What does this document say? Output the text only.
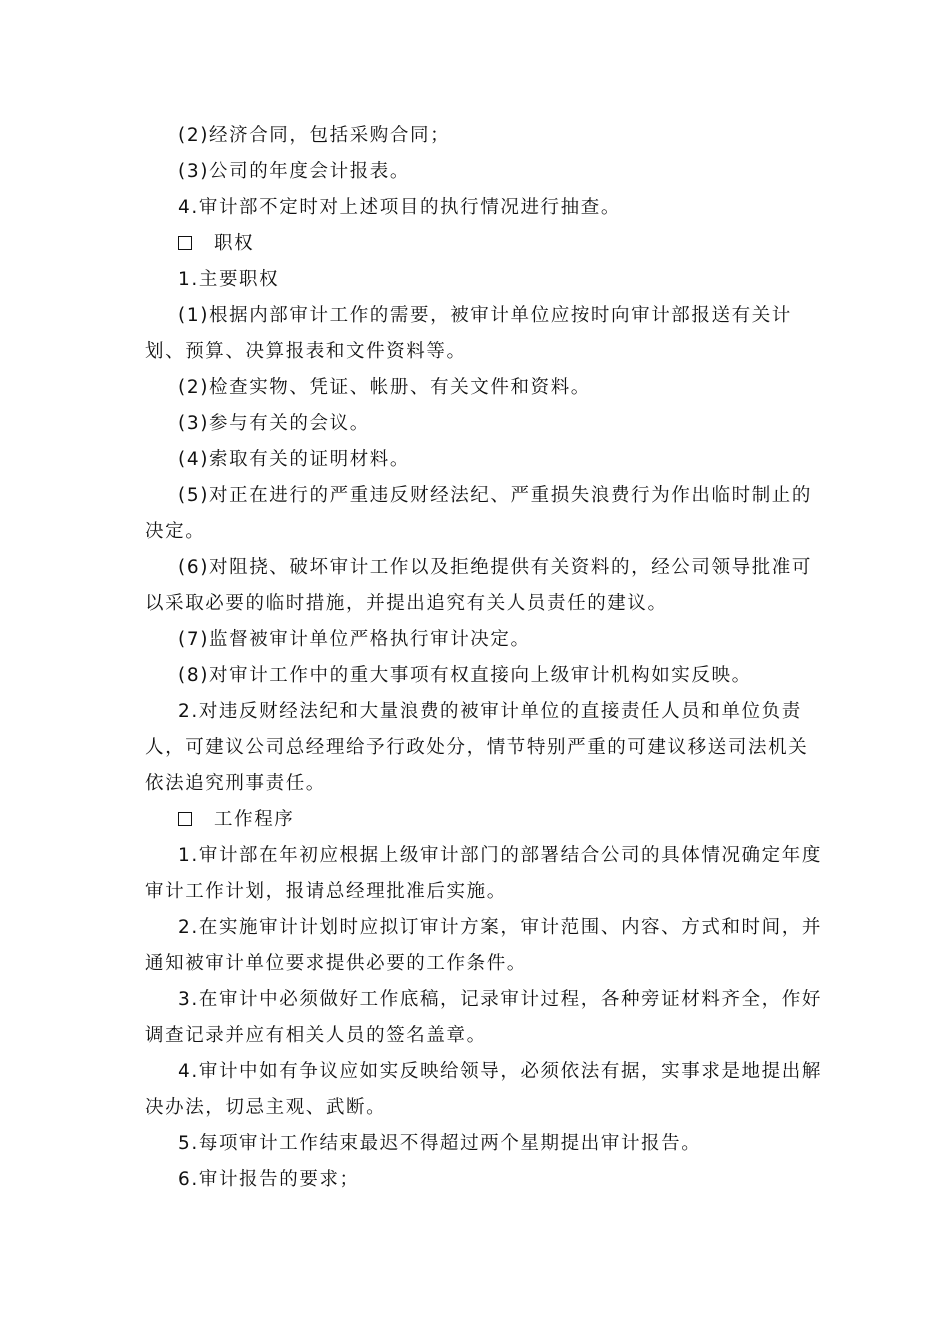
(2)经济合同，包括采购合同；

(3)公司的年度会计报表。

4.审计部不定时对上述项目的执行情况进行抽查。

职权

1.主要职权

(1)根据内部审计工作的需要，被审计单位应按时向审计部报送有关计划、预算、决算报表和文件资料等。

(2)检查实物、凭证、帐册、有关文件和资料。

(3)参与有关的会议。

(4)索取有关的证明材料。

(5)对正在进行的严重违反财经法纪、严重损失浪费行为作出临时制止的决定。

(6)对阻挠、破坏审计工作以及拒绝提供有关资料的，经公司领导批准可以采取必要的临时措施，并提出追究有关人员责任的建议。

(7)监督被审计单位严格执行审计决定。

(8)对审计工作中的重大事项有权直接向上级审计机构如实反映。

2.对违反财经法纪和大量浪费的被审计单位的直接责任人员和单位负责人，可建议公司总经理给予行政处分，情节特别严重的可建议移送司法机关依法追究刑事责任。

工作程序

1.审计部在年初应根据上级审计部门的部署结合公司的具体情况确定年度审计工作计划，报请总经理批准后实施。

2.在实施审计计划时应拟订审计方案，审计范围、内容、方式和时间，并通知被审计单位要求提供必要的工作条件。

3.在审计中必须做好工作底稿，记录审计过程，各种旁证材料齐全，作好调查记录并应有相关人员的签名盖章。

4.审计中如有争议应如实反映给领导，必须依法有据，实事求是地提出解决办法，切忌主观、武断。

5.每项审计工作结束最迟不得超过两个星期提出审计报告。

6.审计报告的要求；
